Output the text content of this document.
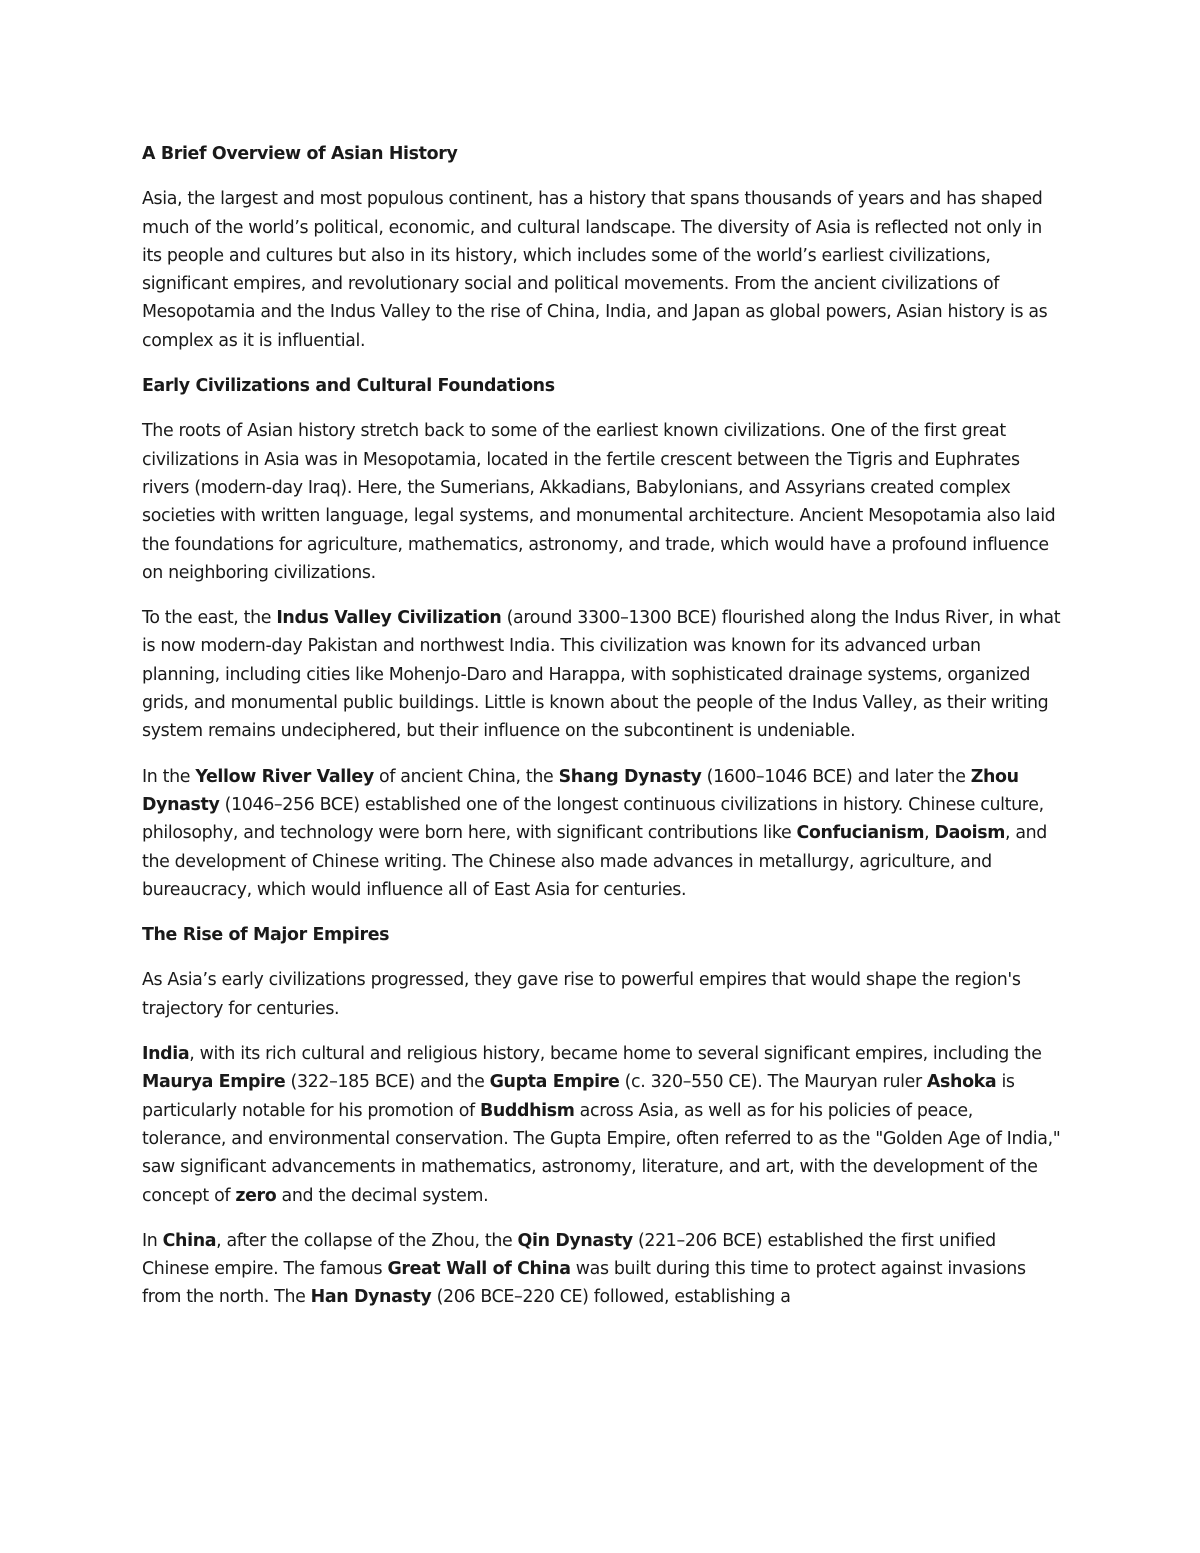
A Brief Overview of Asian History

Asia, the largest and most populous continent, has a history that spans thousands of years and has shaped much of the world’s political, economic, and cultural landscape. The diversity of Asia is reflected not only in its people and cultures but also in its history, which includes some of the world’s earliest civilizations, significant empires, and revolutionary social and political movements. From the ancient civilizations of Mesopotamia and the Indus Valley to the rise of China, India, and Japan as global powers, Asian history is as complex as it is influential.

Early Civilizations and Cultural Foundations

The roots of Asian history stretch back to some of the earliest known civilizations. One of the first great civilizations in Asia was in Mesopotamia, located in the fertile crescent between the Tigris and Euphrates rivers (modern-day Iraq). Here, the Sumerians, Akkadians, Babylonians, and Assyrians created complex societies with written language, legal systems, and monumental architecture. Ancient Mesopotamia also laid the foundations for agriculture, mathematics, astronomy, and trade, which would have a profound influence on neighboring civilizations.

To the east, the Indus Valley Civilization (around 3300–1300 BCE) flourished along the Indus River, in what is now modern-day Pakistan and northwest India. This civilization was known for its advanced urban planning, including cities like Mohenjo-Daro and Harappa, with sophisticated drainage systems, organized grids, and monumental public buildings. Little is known about the people of the Indus Valley, as their writing system remains undeciphered, but their influence on the subcontinent is undeniable.

In the Yellow River Valley of ancient China, the Shang Dynasty (1600–1046 BCE) and later the Zhou Dynasty (1046–256 BCE) established one of the longest continuous civilizations in history. Chinese culture, philosophy, and technology were born here, with significant contributions like Confucianism, Daoism, and the development of Chinese writing. The Chinese also made advances in metallurgy, agriculture, and bureaucracy, which would influence all of East Asia for centuries.

The Rise of Major Empires

As Asia’s early civilizations progressed, they gave rise to powerful empires that would shape the region's trajectory for centuries.

India, with its rich cultural and religious history, became home to several significant empires, including the Maurya Empire (322–185 BCE) and the Gupta Empire (c. 320–550 CE). The Mauryan ruler Ashoka is particularly notable for his promotion of Buddhism across Asia, as well as for his policies of peace, tolerance, and environmental conservation. The Gupta Empire, often referred to as the "Golden Age of India," saw significant advancements in mathematics, astronomy, literature, and art, with the development of the concept of zero and the decimal system.

In China, after the collapse of the Zhou, the Qin Dynasty (221–206 BCE) established the first unified Chinese empire. The famous Great Wall of China was built during this time to protect against invasions from the north. The Han Dynasty (206 BCE–220 CE) followed, establishing a
